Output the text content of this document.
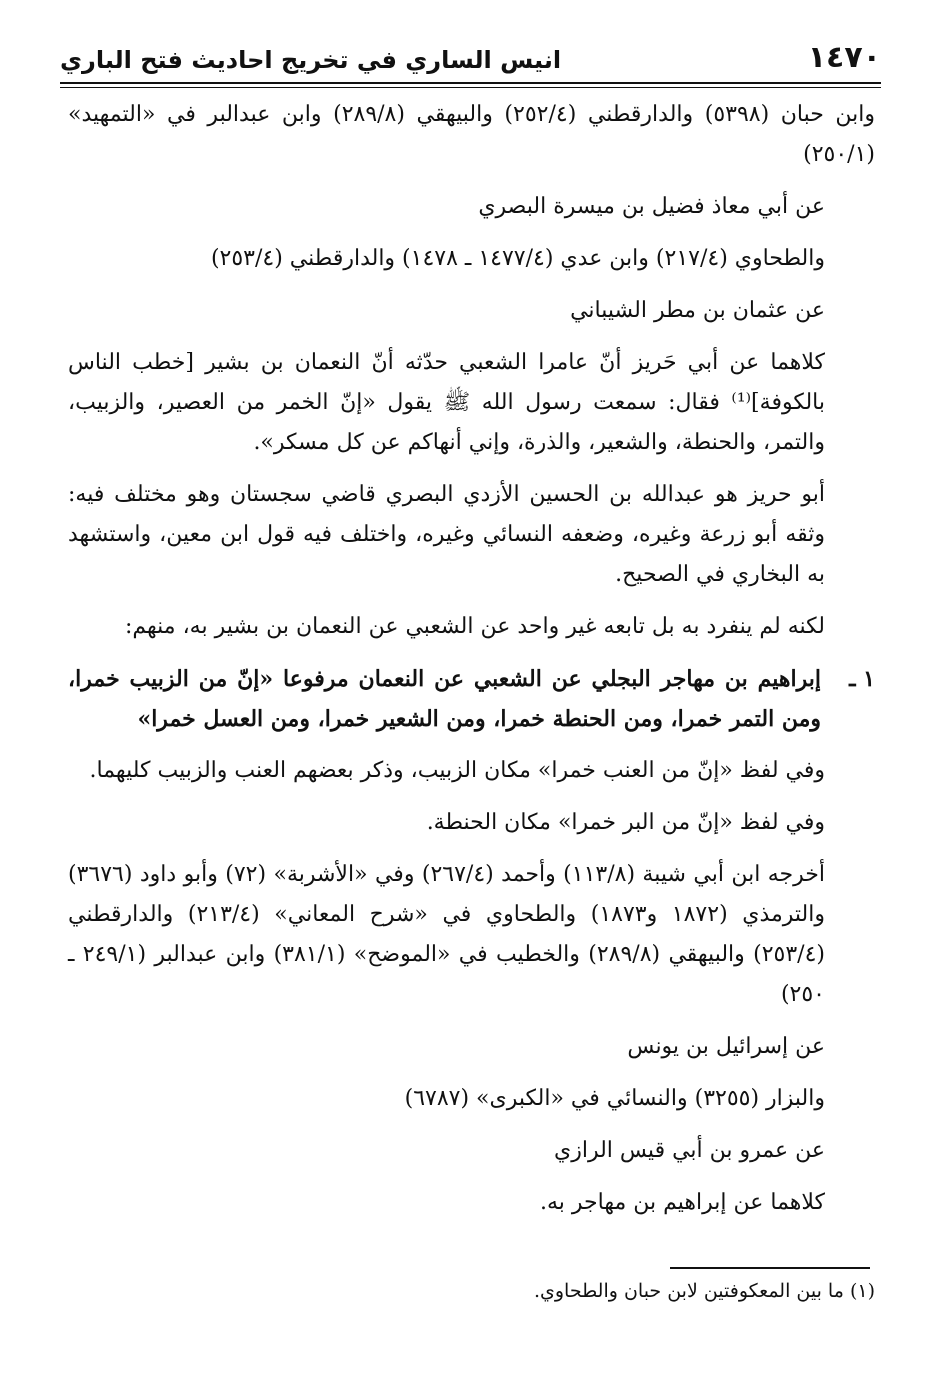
١٤٧٠
انيس الساري في تخريج احاديث فتح الباري

وابن حبان (٥٣٩٨) والدارقطني (٢٥٢/٤) والبيهقي (٢٨٩/٨) وابن عبدالبر في «التمهيد» (٢٥٠/١)

عن أبي معاذ فضيل بن ميسرة البصري

والطحاوي (٢١٧/٤) وابن عدي (١٤٧٧/٤ ـ ١٤٧٨) والدارقطني (٢٥٣/٤)

عن عثمان بن مطر الشيباني

كلاهما عن أبي حَريز أنّ عامرا الشعبي حدّثه أنّ النعمان بن بشير [خطب الناس بالكوفة]⁽¹⁾ فقال: سمعت رسول الله ﷺ يقول «إنّ الخمر من العصير، والزبيب، والتمر، والحنطة، والشعير، والذرة، وإني أنهاكم عن كل مسكر».

أبو حريز هو عبدالله بن الحسين الأزدي البصري قاضي سجستان وهو مختلف فيه: وثقه أبو زرعة وغيره، وضعفه النسائي وغيره، واختلف فيه قول ابن معين، واستشهد به البخاري في الصحيح.

لكنه لم ينفرد به بل تابعه غير واحد عن الشعبي عن النعمان بن بشير به، منهم:

١ ـ
إبراهيم بن مهاجر البجلي عن الشعبي عن النعمان مرفوعا «إنّ من الزبيب خمرا، ومن التمر خمرا، ومن الحنطة خمرا، ومن الشعير خمرا، ومن العسل خمرا»

وفي لفظ «إنّ من العنب خمرا» مكان الزبيب، وذكر بعضهم العنب والزبيب كليهما.

وفي لفظ «إنّ من البر خمرا» مكان الحنطة.

أخرجه ابن أبي شيبة (١١٣/٨) وأحمد (٢٦٧/٤) وفي «الأشربة» (٧٢) وأبو داود (٣٦٧٦) والترمذي (١٨٧٢ و١٨٧٣) والطحاوي في «شرح المعاني» (٢١٣/٤) والدارقطني (٢٥٣/٤) والبيهقي (٢٨٩/٨) والخطيب في «الموضح» (٣٨١/١) وابن عبدالبر (٢٤٩/١ ـ ٢٥٠)

عن إسرائيل بن يونس

والبزار (٣٢٥٥) والنسائي في «الكبرى» (٦٧٨٧)

عن عمرو بن أبي قيس الرازي

كلاهما عن إبراهيم بن مهاجر به.

(١) ما بين المعكوفتين لابن حبان والطحاوي.
